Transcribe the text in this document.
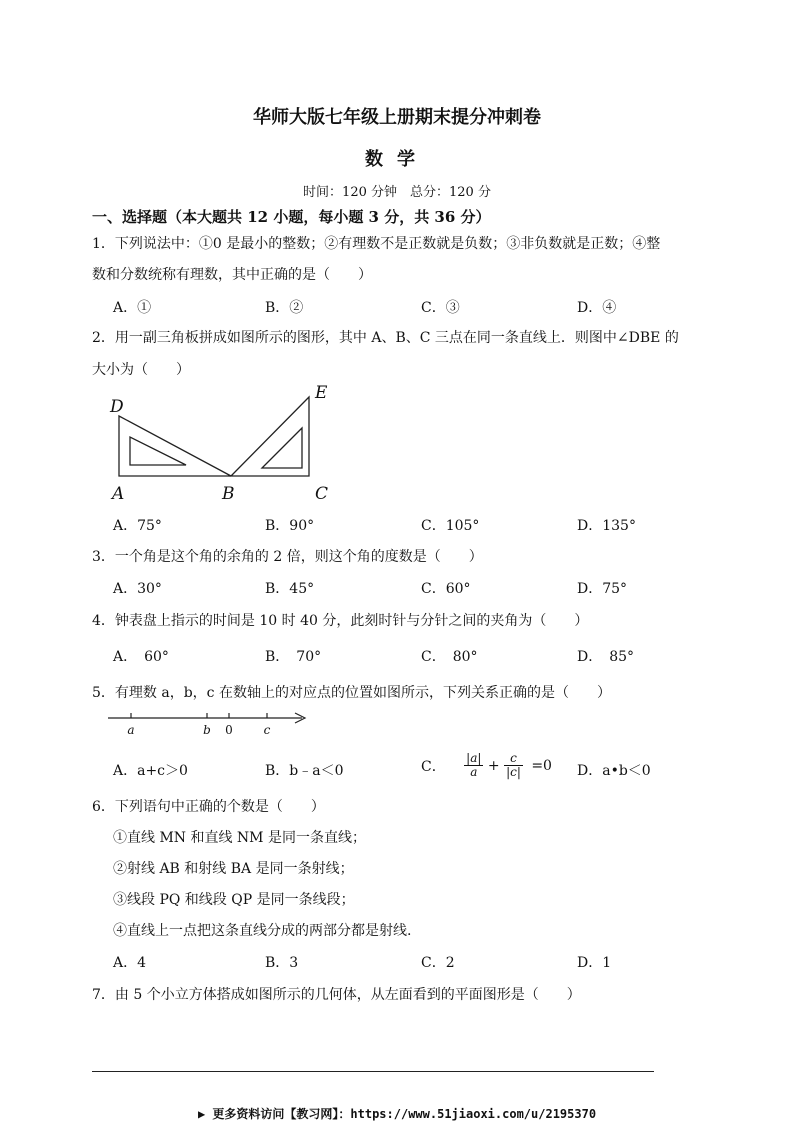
华师大版七年级上册期末提分冲刺卷
数学
时间：120 分钟　总分：120 分
一、选择题（本大题共 12 小题，每小题 3 分，共 36 分）
1．下列说法中：①0 是最小的整数；②有理数不是正数就是负数；③非负数就是正数；④整
数和分数统称有理数，其中正确的是（　　）
A．①	B．②	C．③	D．④
2．用一副三角板拼成如图所示的图形，其中 A、B、C 三点在同一条直线上．则图中∠DBE 的
大小为（　　）
D
E
A	B	C
A．75°	B．90°	C．105°	D．135°
3．一个角是这个角的余角的 2 倍，则这个角的度数是（　　）
A．30°	B．45°	C．60°	D．75°
4．钟表盘上指示的时间是 10 时 40 分，此刻时针与分针之间的夹角为（　　）
A．　60°	B．　70°	C．　80°	D．　85°
5．有理数 a，b，c 在数轴上的对应点的位置如图所示，下列关系正确的是（　　）
a	b 0	c
A．a+c＞0	B．b﹣a＜0	C． $\frac{|a|}{a} + \frac{c}{|c|} =0$ D．a•b＜0
6．下列语句中正确的个数是（　　）
①直线 MN 和直线 NM 是同一条直线；
②射线 AB 和射线 BA 是同一条射线；
③线段 PQ 和线段 QP 是同一条线段；
④直线上一点把这条直线分成的两部分都是射线.
A．4	B．3	C．2	D．1
7．由 5 个小立方体搭成如图所示的几何体，从左面看到的平面图形是（　　）
▶ 更多资料访问【教习网】：https://www.51jiaoxi.com/u/2195370
